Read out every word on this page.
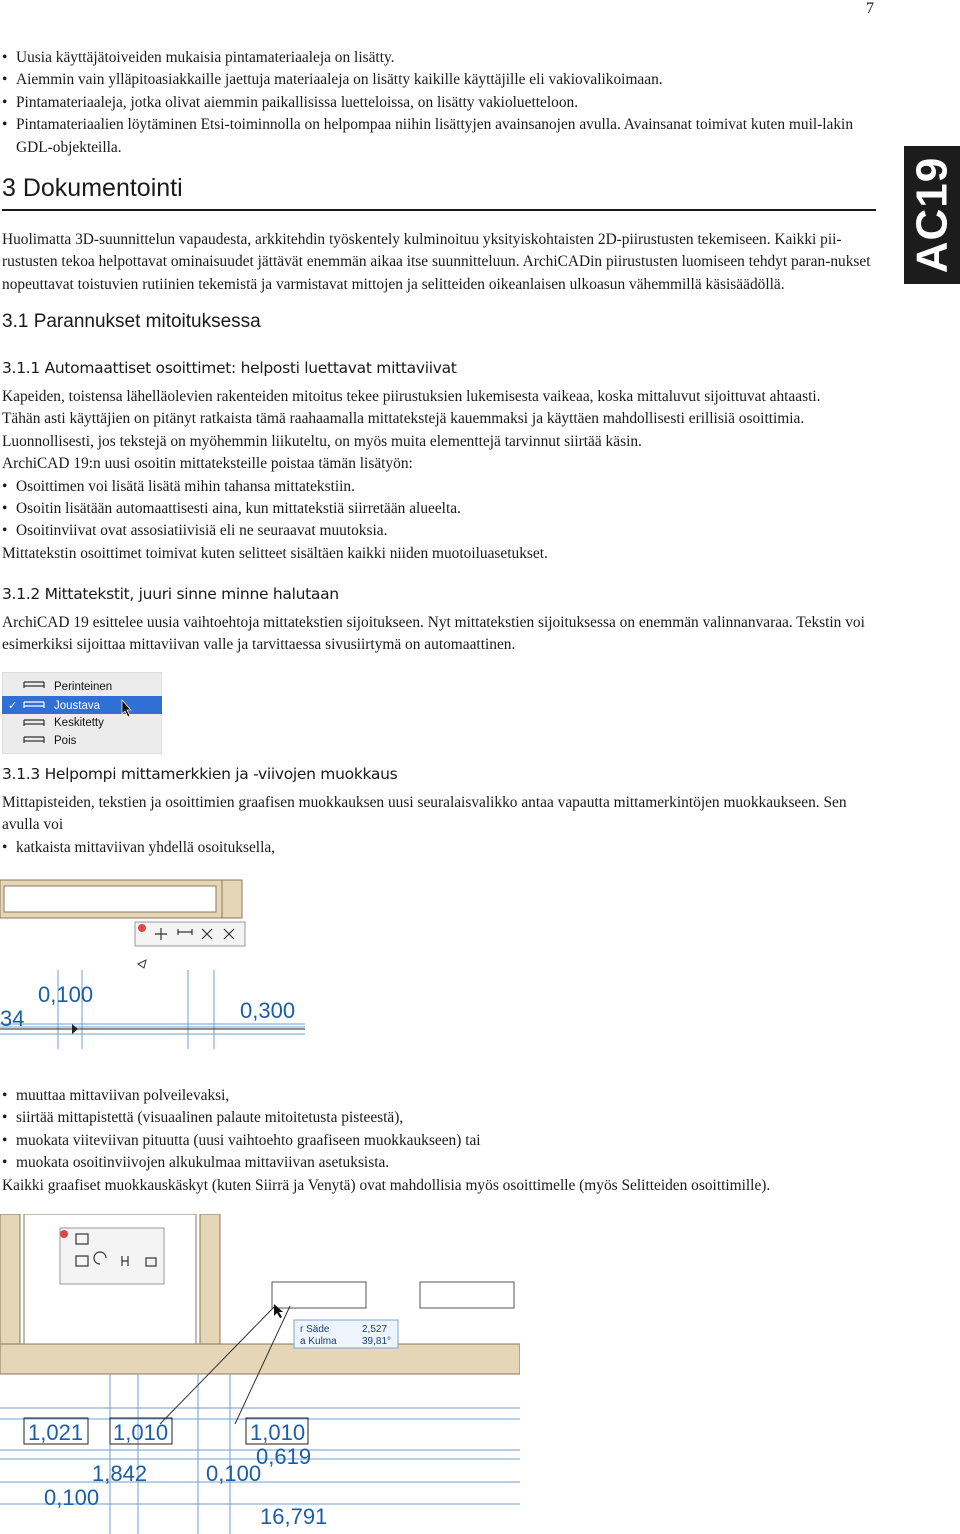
7
AC19

• Uusia käyttäjätoiveiden mukaisia pintamateriaaleja on lisätty.

• Aiemmin vain ylläpitoasiakkaille jaettuja materiaaleja on lisätty kaikille käyttäjille eli vakiovalikoimaan.

• Pintamateriaaleja, jotka olivat aiemmin paikallisissa luetteloissa, on lisätty vakioluetteloon.

• Pintamateriaalien löytäminen Etsi-toiminnolla on helpompaa niihin lisättyjen avainsanojen avulla. Avainsanat toimivat kuten muil-lakin GDL-objekteilla.

3 Dokumentointi

Huolimatta 3D-suunnittelun vapaudesta, arkkitehdin työskentely kulminoituu yksityiskohtaisten 2D-piirustusten tekemiseen. Kaikki pii-rustusten tekoa helpottavat ominaisuudet jättävät enemmän aikaa itse suunnitteluun. ArchiCADin piirustusten luomiseen tehdyt paran-nukset nopeuttavat toistuvien rutiinien tekemistä ja varmistavat mittojen ja selitteiden oikeanlaisen ulkoasun vähemmillä käsisäädöllä.

3.1 Parannukset mitoituksessa
3.1.1 Automaattiset osoittimet: helposti luettavat mittaviivat

Kapeiden, toistensa lähelläolevien rakenteiden mitoitus tekee piirustuksien lukemisesta vaikeaa, koska mittaluvut sijoittuvat ahtaasti.

Tähän asti käyttäjien on pitänyt ratkaista tämä raahaamalla mittatekstejä kauemmaksi ja käyttäen mahdollisesti erillisiä osoittimia.

Luonnollisesti, jos tekstejä on myöhemmin liikuteltu, on myös muita elementtejä tarvinnut siirtää käsin.

ArchiCAD 19:n uusi osoitin mittateksteille poistaa tämän lisätyön:

• Osoittimen voi lisätä lisätä mihin tahansa mittatekstiin.

• Osoitin lisätään automaattisesti aina, kun mittatekstiä siirretään alueelta.

• Osoitinviivat ovat assosiatiivisiä eli ne seuraavat muutoksia.

Mittatekstin osoittimet toimivat kuten selitteet sisältäen kaikki niiden muotoiluasetukset.

3.1.2 Mittatekstit, juuri sinne minne halutaan

ArchiCAD 19 esittelee uusia vaihtoehtoja mittatekstien sijoitukseen. Nyt mittatekstien sijoituksessa on enemmän valinnanvaraa. Tekstin voi esimerkiksi sijoittaa mittaviivan valle ja tarvittaessa sivusiirtymä on automaattinen.

Perinteinen
✓	Joustava
Keskitetty
Pois
3.1.3 Helpompi mittamerkkien ja -viivojen muokkaus

Mittapisteiden, tekstien ja osoittimien graafisen muokkauksen uusi seuralaisvalikko antaa vapautta mittamerkintöjen muokkaukseen. Sen avulla voi

• katkaista mittaviivan yhdellä osoituksella,

0,100
0,300
34

• muuttaa mittaviivan polveilevaksi,

• siirtää mittapistettä (visuaalinen palaute mitoitetusta pisteestä),

• muokata viiteviivan pituutta (uusi vaihtoehto graafiseen muokkaukseen) tai

• muokata osoitinviivojen alkukulmaa mittaviivan asetuksista.

Kaikki graafiset muokkauskäskyt (kuten Siirrä ja Venytä) ovat mahdollisia myös osoittimelle (myös Selitteiden osoittimille).

r Säde	2,527
a Kulma	39,81°
1,021 1,010	1,010
0,619
1,842	0,100
0,100
16,791
